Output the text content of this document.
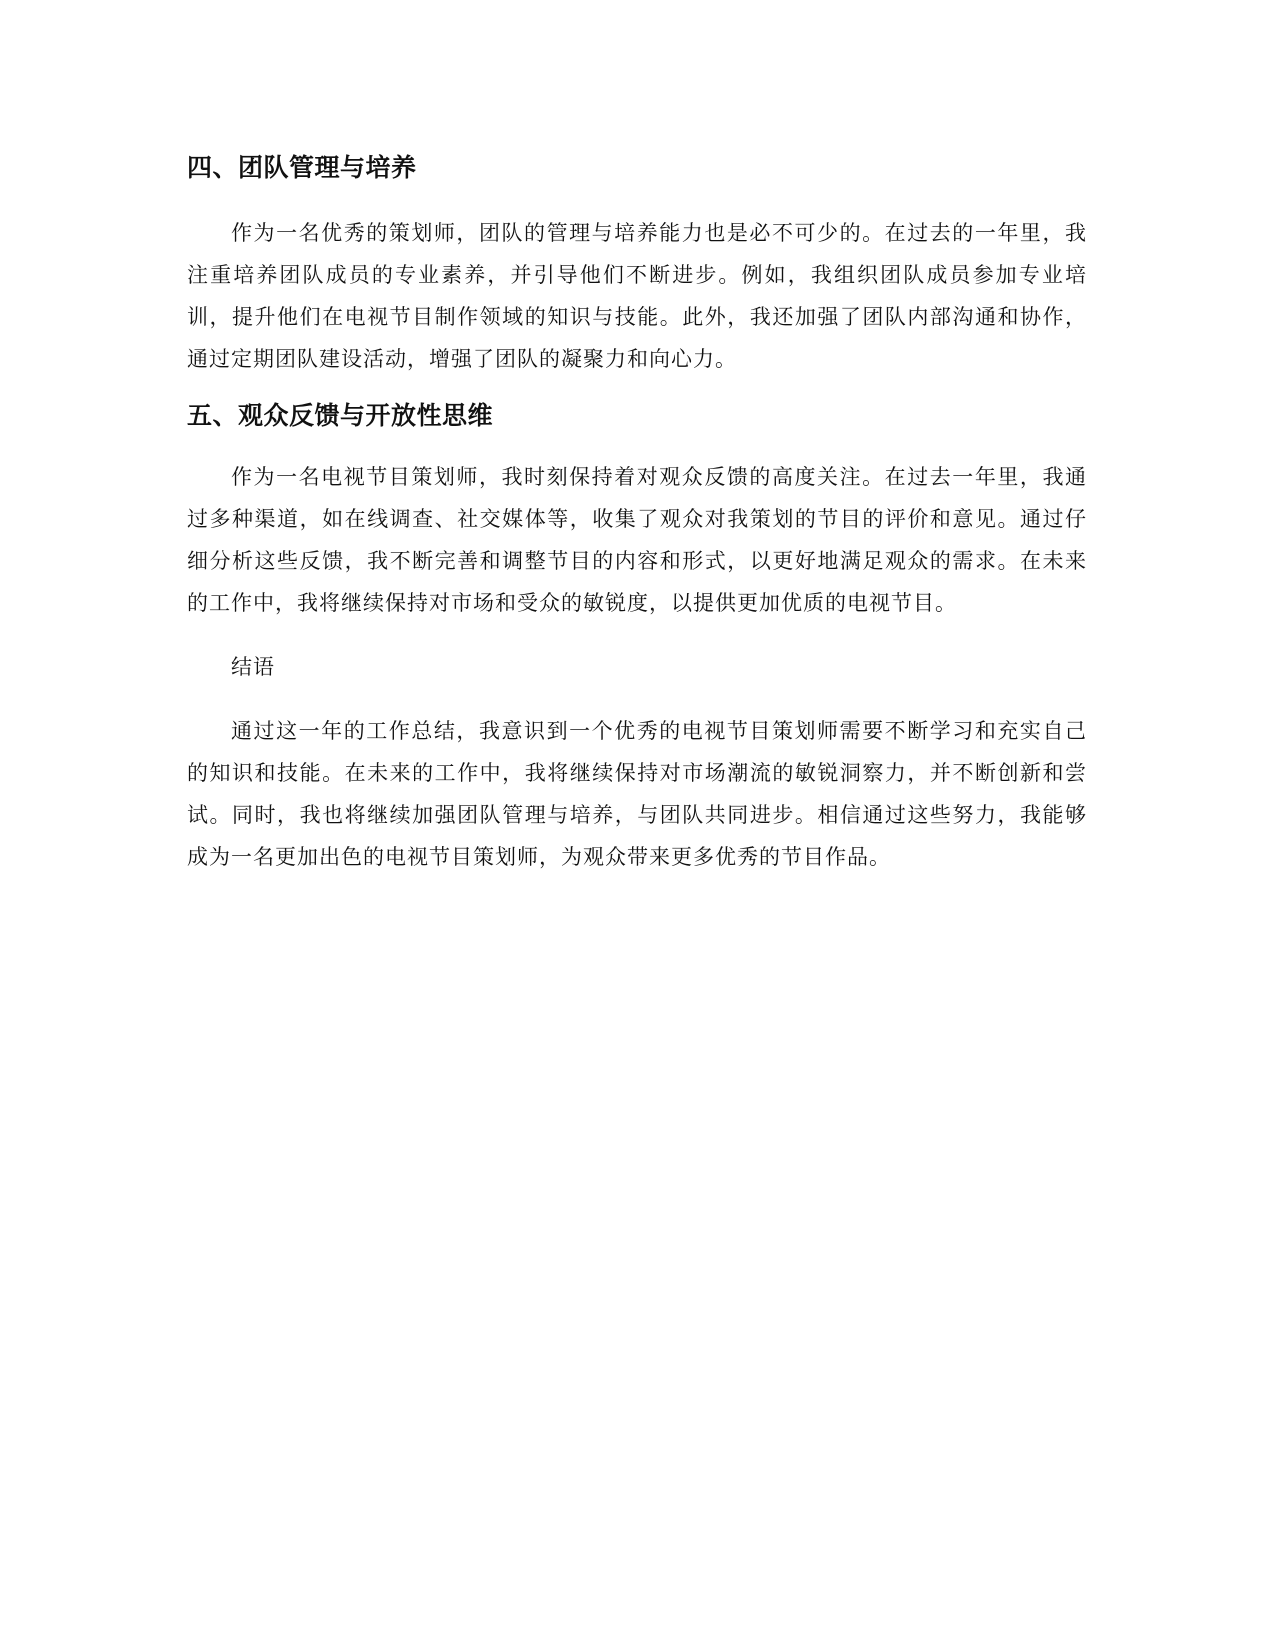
四、团队管理与培养

作为一名优秀的策划师，团队的管理与培养能力也是必不可少的。在过去的一年里，我注重培养团队成员的专业素养，并引导他们不断进步。例如，我组织团队成员参加专业培训，提升他们在电视节目制作领域的知识与技能。此外，我还加强了团队内部沟通和协作，通过定期团队建设活动，增强了团队的凝聚力和向心力。

五、观众反馈与开放性思维

作为一名电视节目策划师，我时刻保持着对观众反馈的高度关注。在过去一年里，我通过多种渠道，如在线调查、社交媒体等，收集了观众对我策划的节目的评价和意见。通过仔细分析这些反馈，我不断完善和调整节目的内容和形式，以更好地满足观众的需求。在未来的工作中，我将继续保持对市场和受众的敏锐度，以提供更加优质的电视节目。

结语

通过这一年的工作总结，我意识到一个优秀的电视节目策划师需要不断学习和充实自己的知识和技能。在未来的工作中，我将继续保持对市场潮流的敏锐洞察力，并不断创新和尝试。同时，我也将继续加强团队管理与培养，与团队共同进步。相信通过这些努力，我能够成为一名更加出色的电视节目策划师，为观众带来更多优秀的节目作品。
